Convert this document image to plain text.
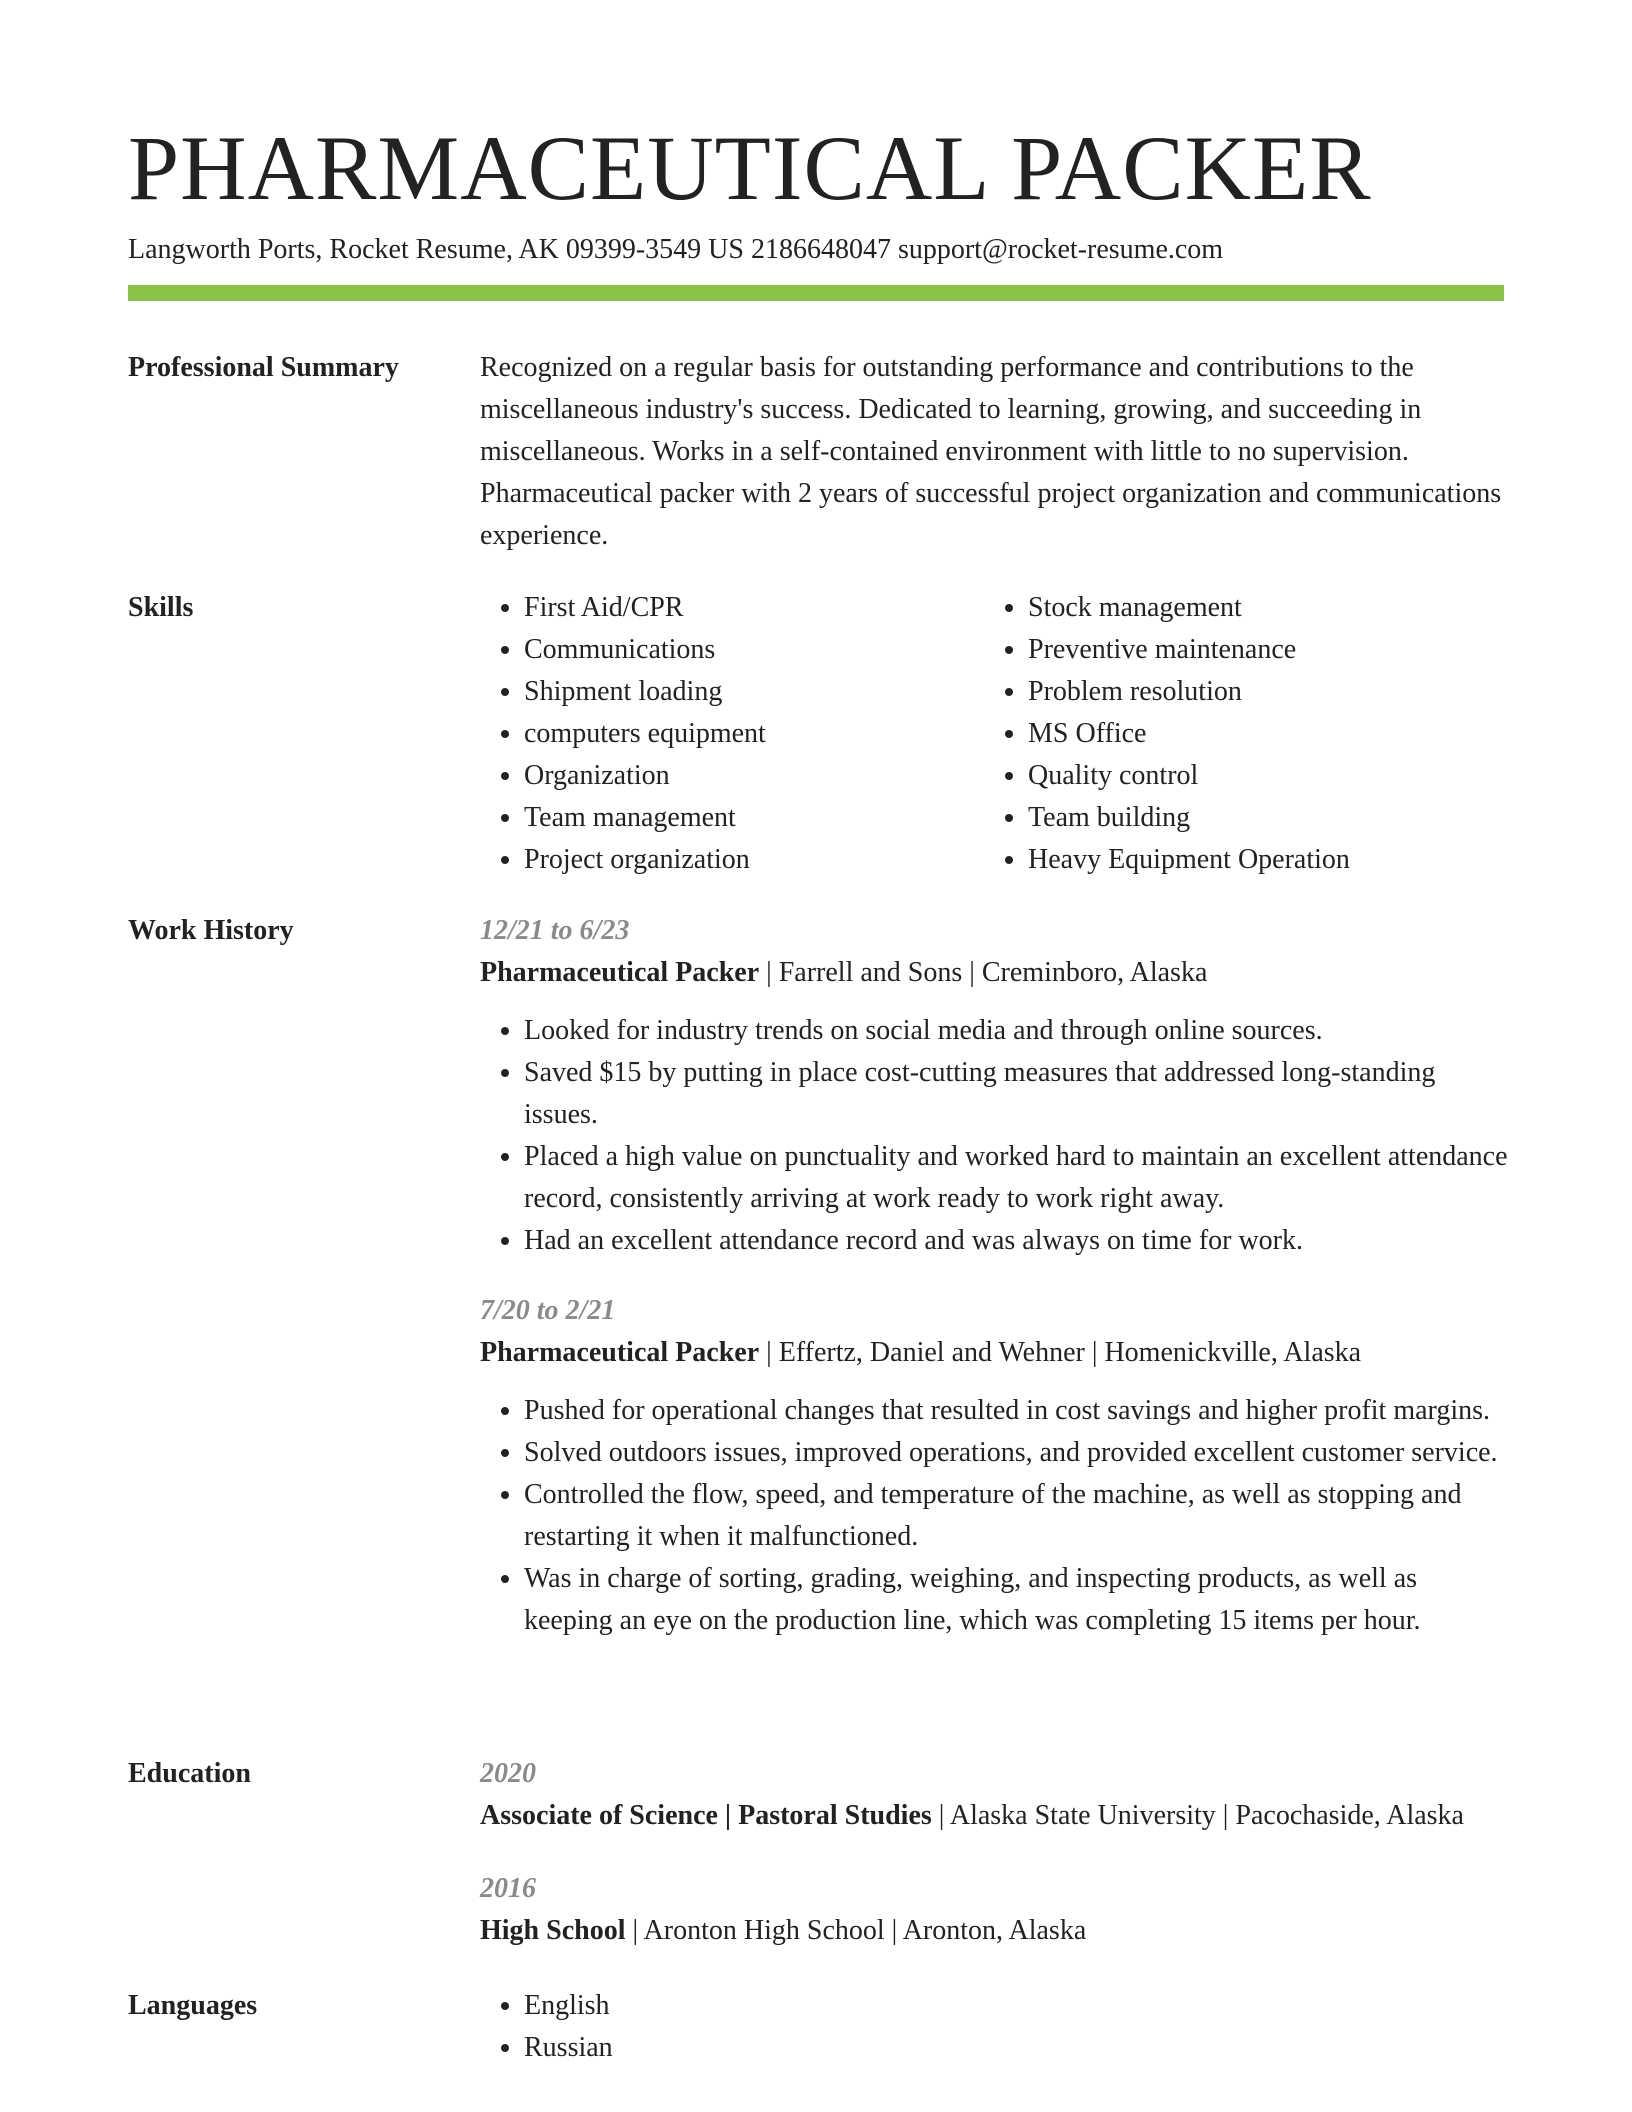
PHARMACEUTICAL PACKER
Langworth Ports, Rocket Resume, AK 09399-3549 US 2186648047 support@rocket-resume.com
Professional Summary	Recognized on a regular basis for outstanding performance and contributions to the miscellaneous industry's success. Dedicated to learning, growing, and succeeding in miscellaneous. Works in a self-contained environment with little to no supervision. Pharmaceutical packer with 2 years of successful project organization and communications experience.

Skills	• First Aid/CPR
• Communications
• Shipment loading
• computers equipment
• Organization
• Team management
• Project organization
• Stock management
• Preventive maintenance
• Problem resolution
• MS Office
• Quality control
• Team building
• Heavy Equipment Operation
Work History	12/21 to 6/23

Pharmaceutical Packer | Farrell and Sons | Creminboro, Alaska

• Looked for industry trends on social media and through online sources.
• Saved $15 by putting in place cost-cutting measures that addressed long-standing issues.
• Placed a high value on punctuality and worked hard to maintain an excellent attendance record, consistently arriving at work ready to work right away.
• Had an excellent attendance record and was always on time for work.

7/20 to 2/21

Pharmaceutical Packer | Effertz, Daniel and Wehner | Homenickville, Alaska

• Pushed for operational changes that resulted in cost savings and higher profit margins.
• Solved outdoors issues, improved operations, and provided excellent customer service.
• Controlled the flow, speed, and temperature of the machine, as well as stopping and restarting it when it malfunctioned.
• Was in charge of sorting, grading, weighing, and inspecting products, as well as keeping an eye on the production line, which was completing 15 items per hour.
Education	2020

Associate of Science | Pastoral Studies | Alaska State University | Pacochaside, Alaska

2016

High School | Aronton High School | Aronton, Alaska

Languages	• English
• Russian
